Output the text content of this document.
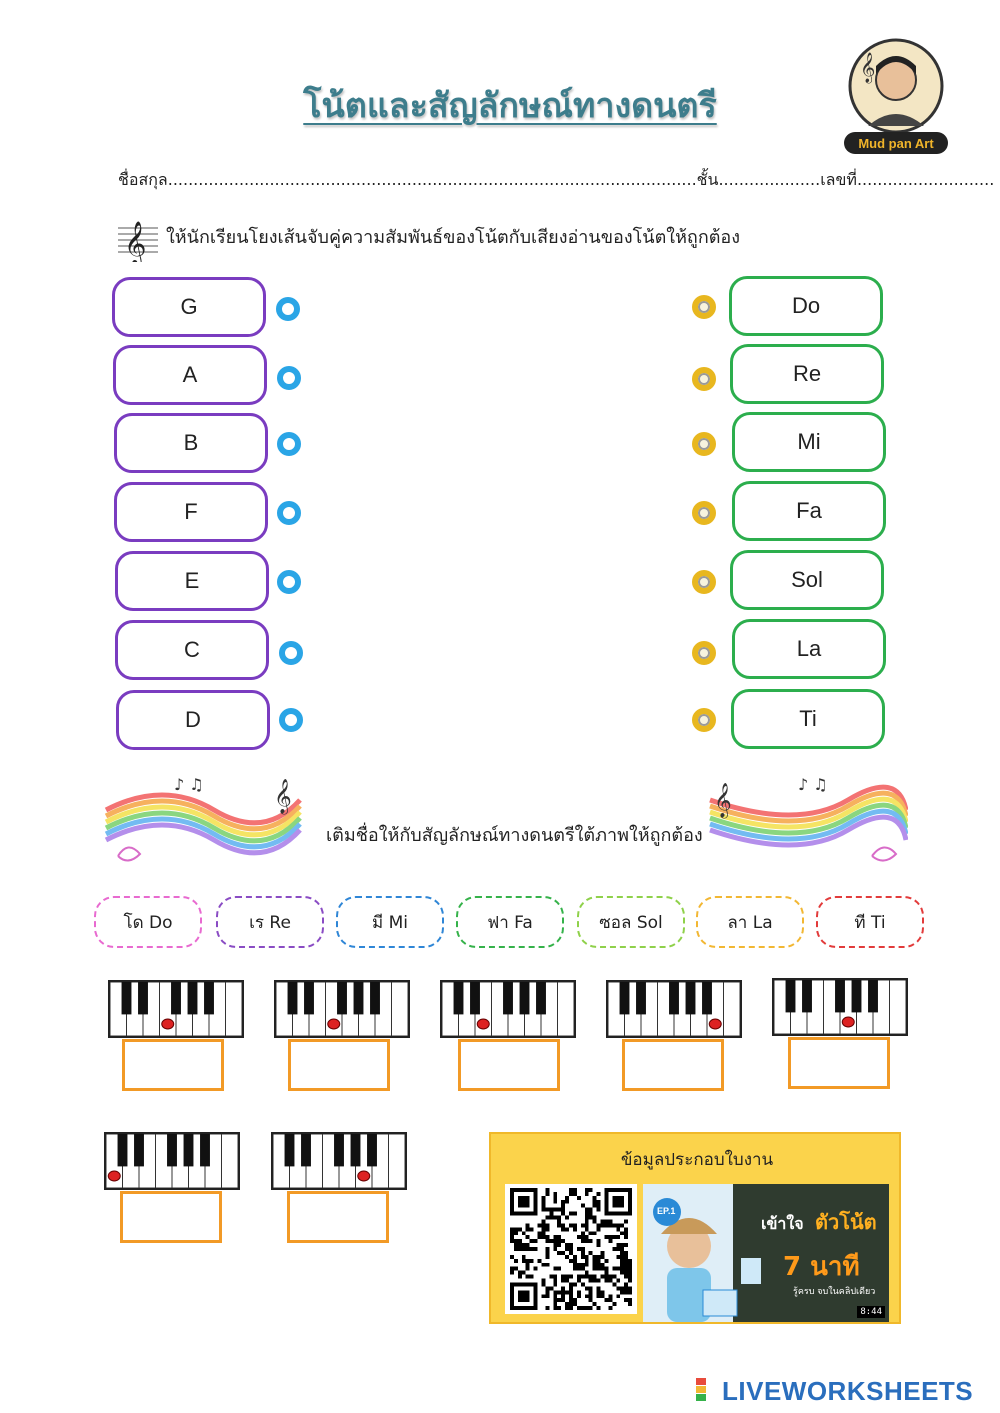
โน้ตและสัญลักษณ์ทางดนตรี
𝄞
Mud pan Art
ชื่อสกุล........................................................................................................ชั้น....................เลขที่...........................
𝄞 ให้นักเรียนโยงเส้นจับคู่ความสัมพันธ์ของโน้ตกับเสียงอ่านของโน้ตให้ถูกต้อง
G
A
B
F
E
C
D
Do
Re
Mi
Fa
Sol
La
Ti
𝄞
♪ ♫	𝄞	♪ ♫
เติมชื่อให้กับสัญลักษณ์ทางดนตรีใต้ภาพให้ถูกต้อง
โด Do	เร Re	มี Mi	ฟา Fa	ซอล Sol	ลา La	ที Ti
ข้อมูลประกอบใบงาน
EP.1
เข้าใจ ตัวโน้ต
7 นาที
รู้ครบ จบในคลิปเดียว
8:44
LIVEWORKSHEETS
